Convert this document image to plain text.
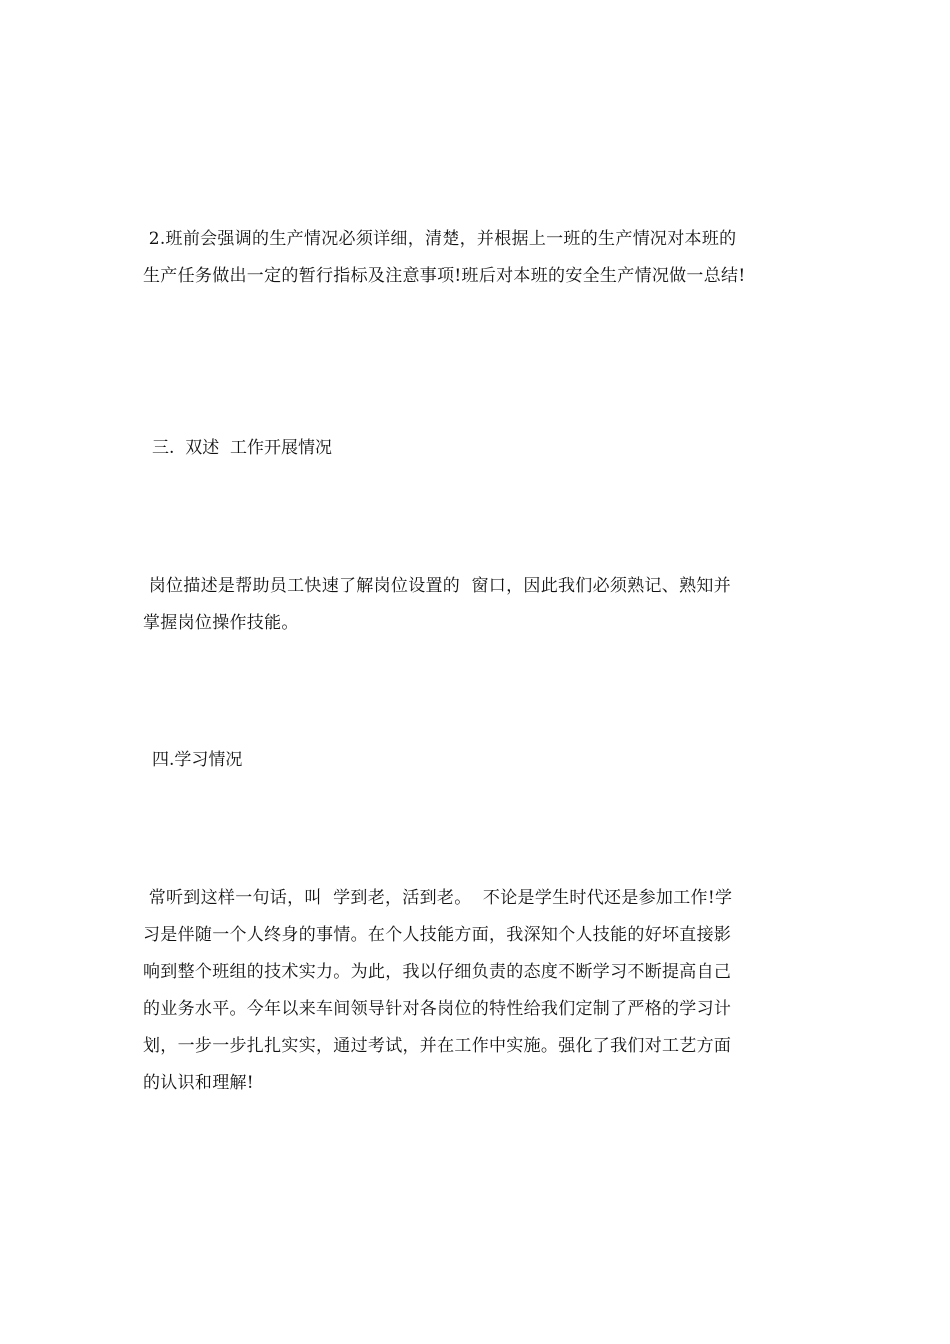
2.班前会强调的生产情况必须详细，清楚，并根据上一班的生产情况对本班的
生产任务做出一定的暂行指标及注意事项!班后对本班的安全生产情况做一总结!
三.  双述  工作开展情况
岗位描述是帮助员工快速了解岗位设置的  窗口，因此我们必须熟记、熟知并
掌握岗位操作技能。
四.学习情况
常听到这样一句话，叫  学到老，活到老。  不论是学生时代还是参加工作!学
习是伴随一个人终身的事情。在个人技能方面，我深知个人技能的好坏直接影
响到整个班组的技术实力。为此，我以仔细负责的态度不断学习不断提高自己
的业务水平。今年以来车间领导针对各岗位的特性给我们定制了严格的学习计
划，一步一步扎扎实实，通过考试，并在工作中实施。强化了我们对工艺方面
的认识和理解!
